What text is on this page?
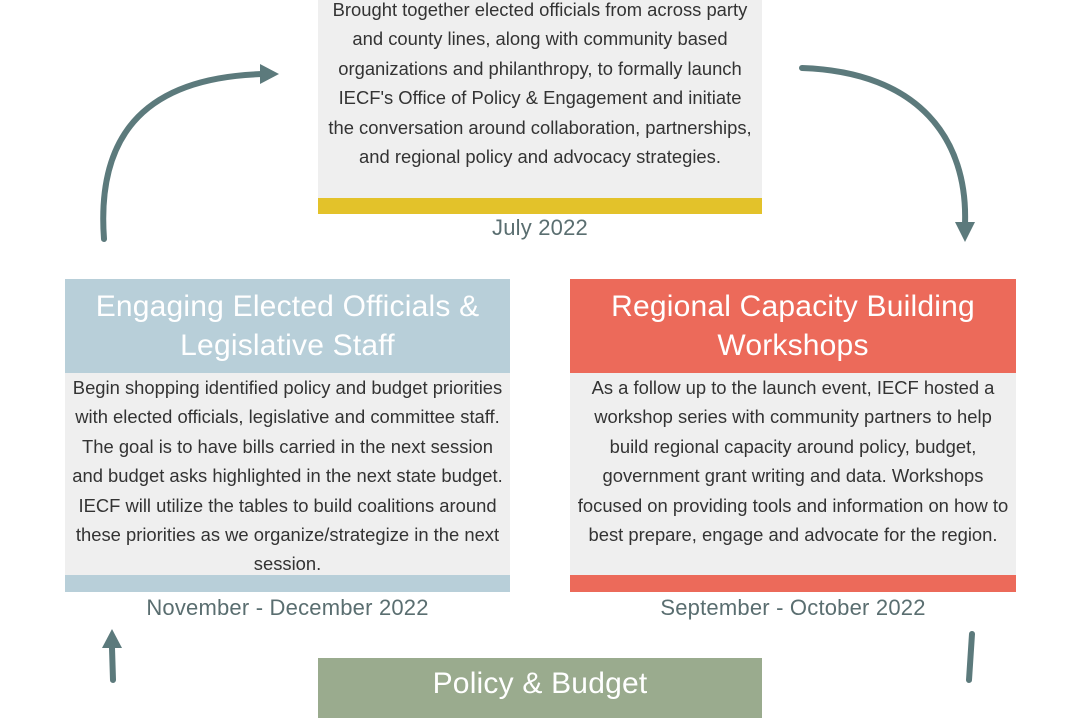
Brought together elected officials from across party and county lines, along with community based organizations and philanthropy, to formally launch IECF's Office of Policy & Engagement and initiate the conversation around collaboration, partnerships, and regional policy and advocacy strategies.
July 2022
Engaging Elected Officials & Legislative Staff
Begin shopping identified policy and budget priorities with elected officials, legislative and committee staff. The goal is to have bills carried in the next session and budget asks highlighted in the next state budget. IECF will utilize the tables to build coalitions around these priorities as we organize/strategize in the next session.
November - December 2022
Regional Capacity Building Workshops
As a follow up to the launch event, IECF hosted a workshop series with community partners to help build regional capacity around policy, budget, government grant writing and data. Workshops focused on providing tools and information on how to best prepare, engage and advocate for the region.
September - October 2022
Policy & Budget
